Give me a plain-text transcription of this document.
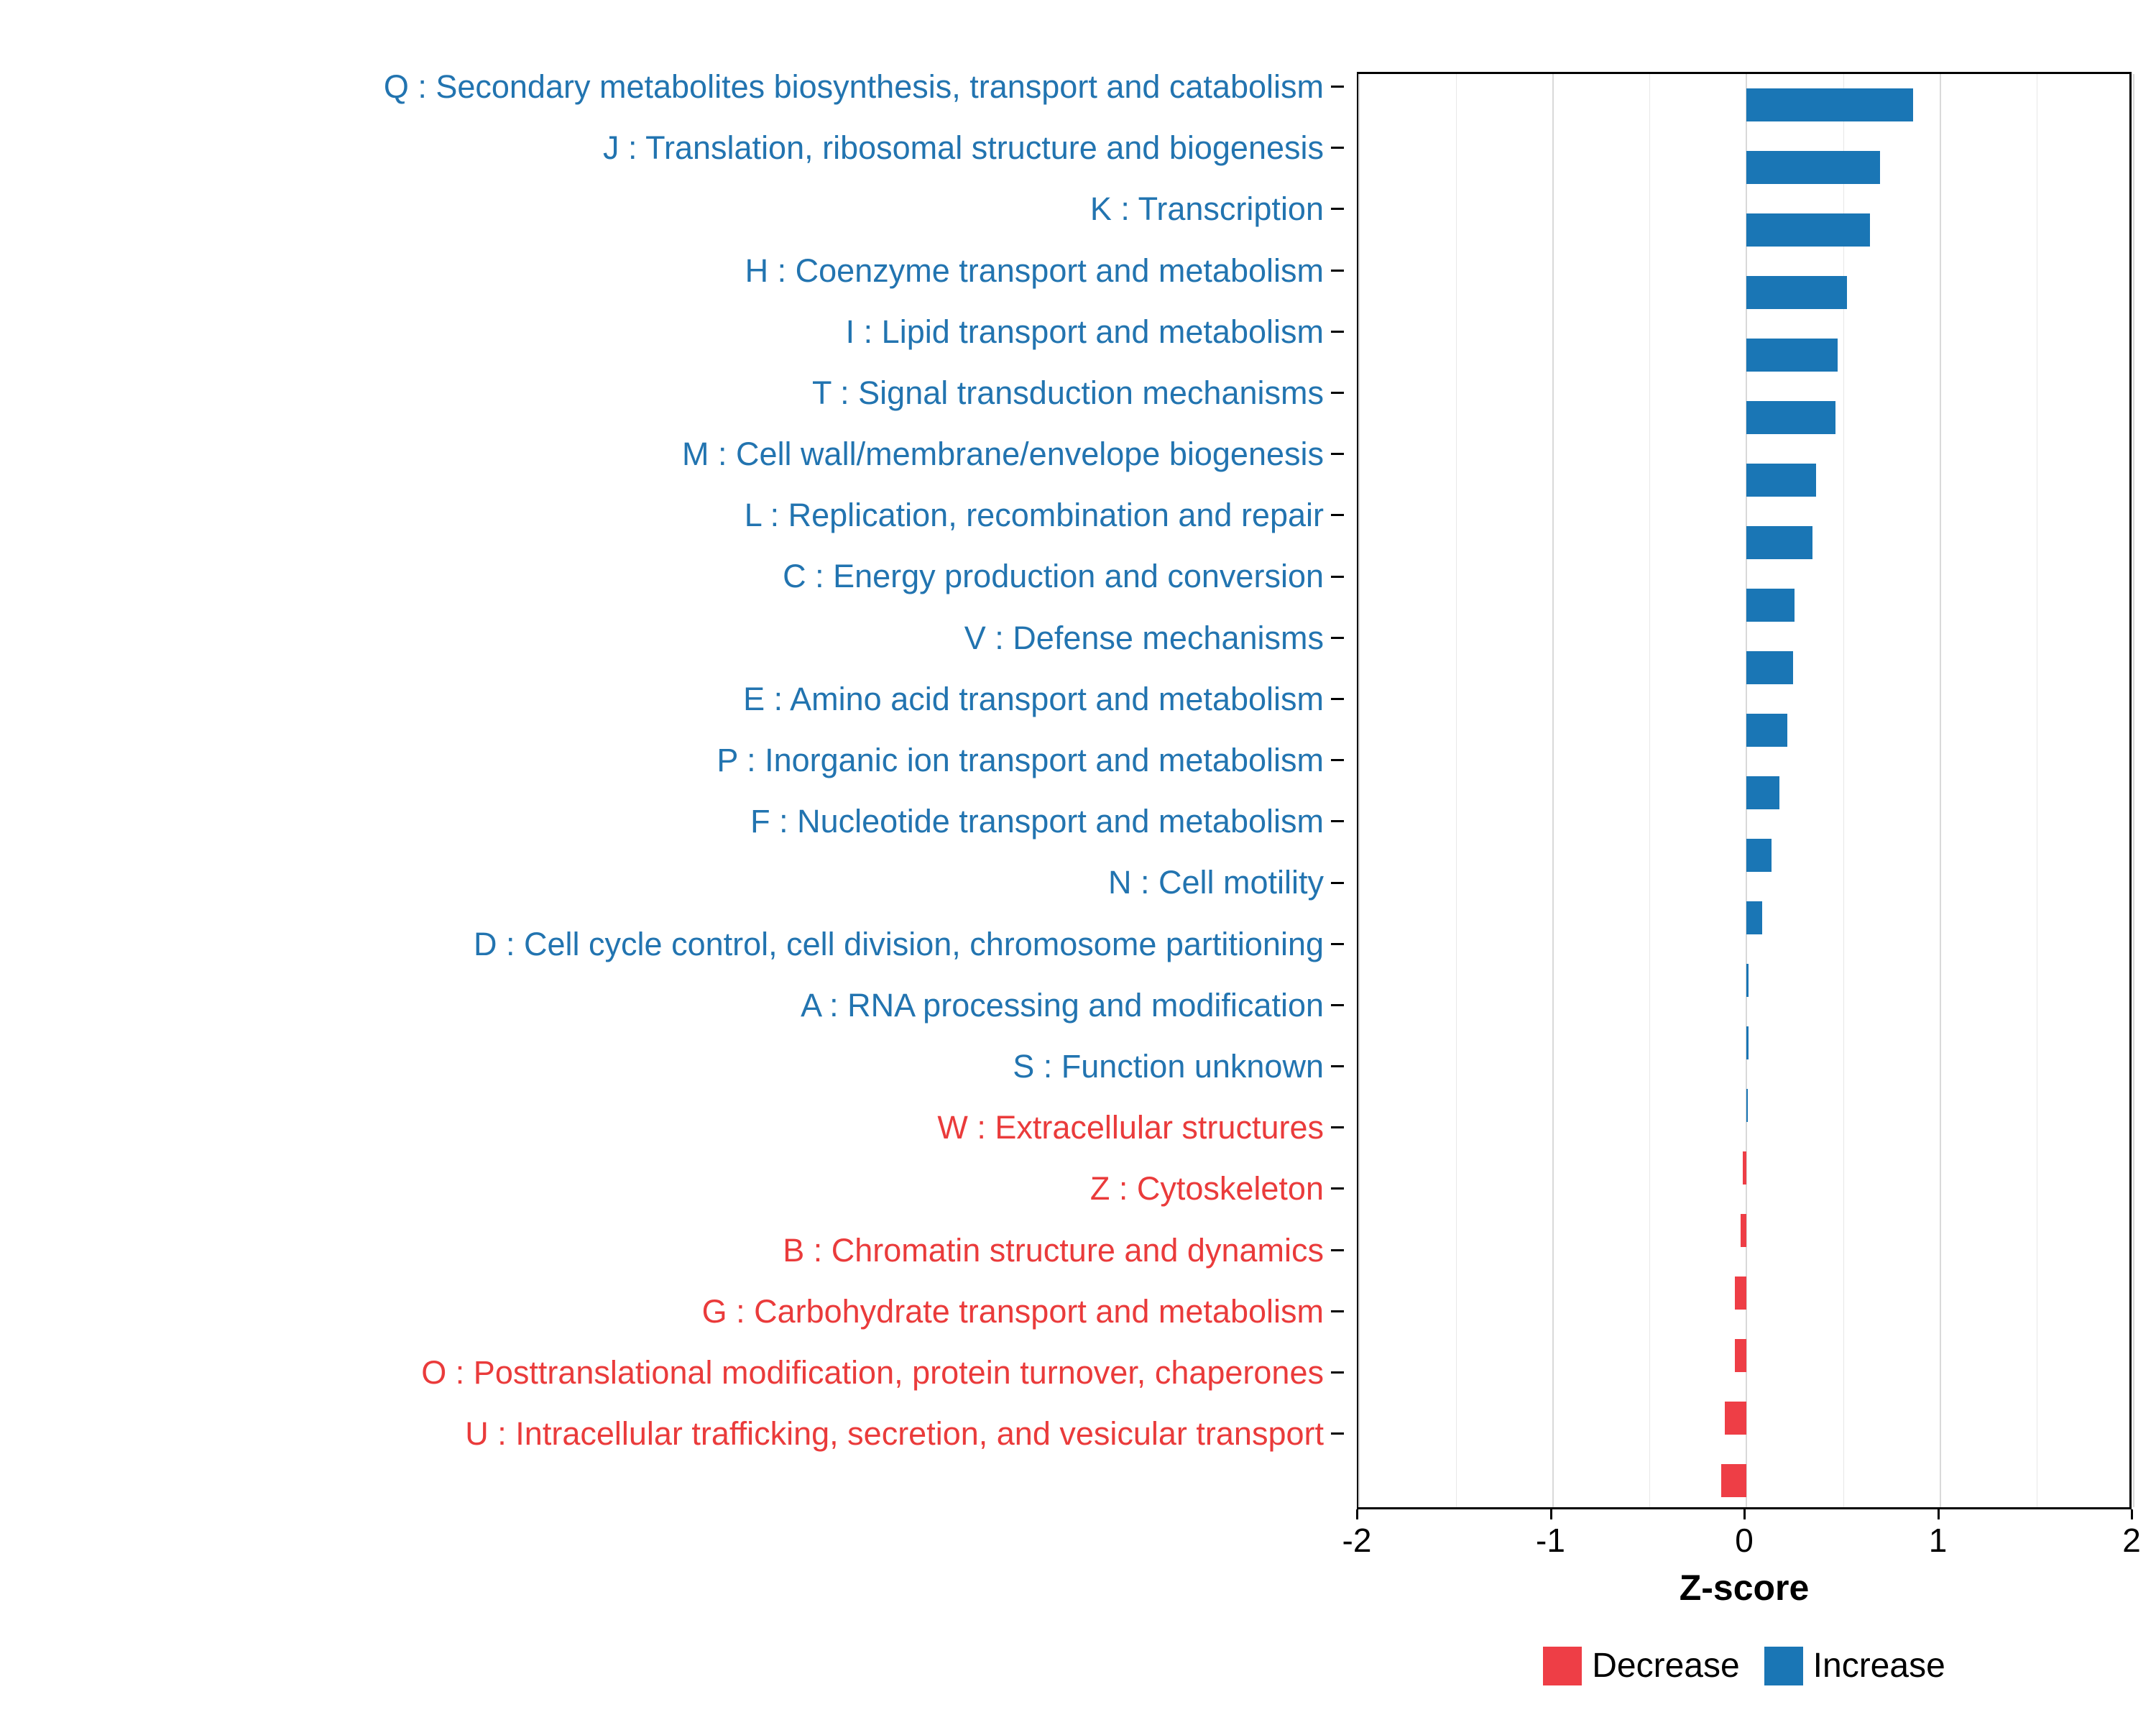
Q : Secondary metabolites biosynthesis, transport and catabolism
J : Translation, ribosomal structure and biogenesis
K : Transcription
H : Coenzyme transport and metabolism
I : Lipid transport and metabolism
T : Signal transduction mechanisms
M : Cell wall/membrane/envelope biogenesis
L : Replication, recombination and repair
C : Energy production and conversion
V : Defense mechanisms
E : Amino acid transport and metabolism
P : Inorganic ion transport and metabolism
F : Nucleotide transport and metabolism
N : Cell motility
D : Cell cycle control, cell division, chromosome partitioning
A : RNA processing and modification
S : Function unknown
W : Extracellular structures
Z : Cytoskeleton
B : Chromatin structure and dynamics
G : Carbohydrate transport and metabolism
O : Posttranslational modification, protein turnover, chaperones
U : Intracellular trafficking, secretion, and vesicular transport
-2	-1	0	1	2
Z-score
Decrease Increase
